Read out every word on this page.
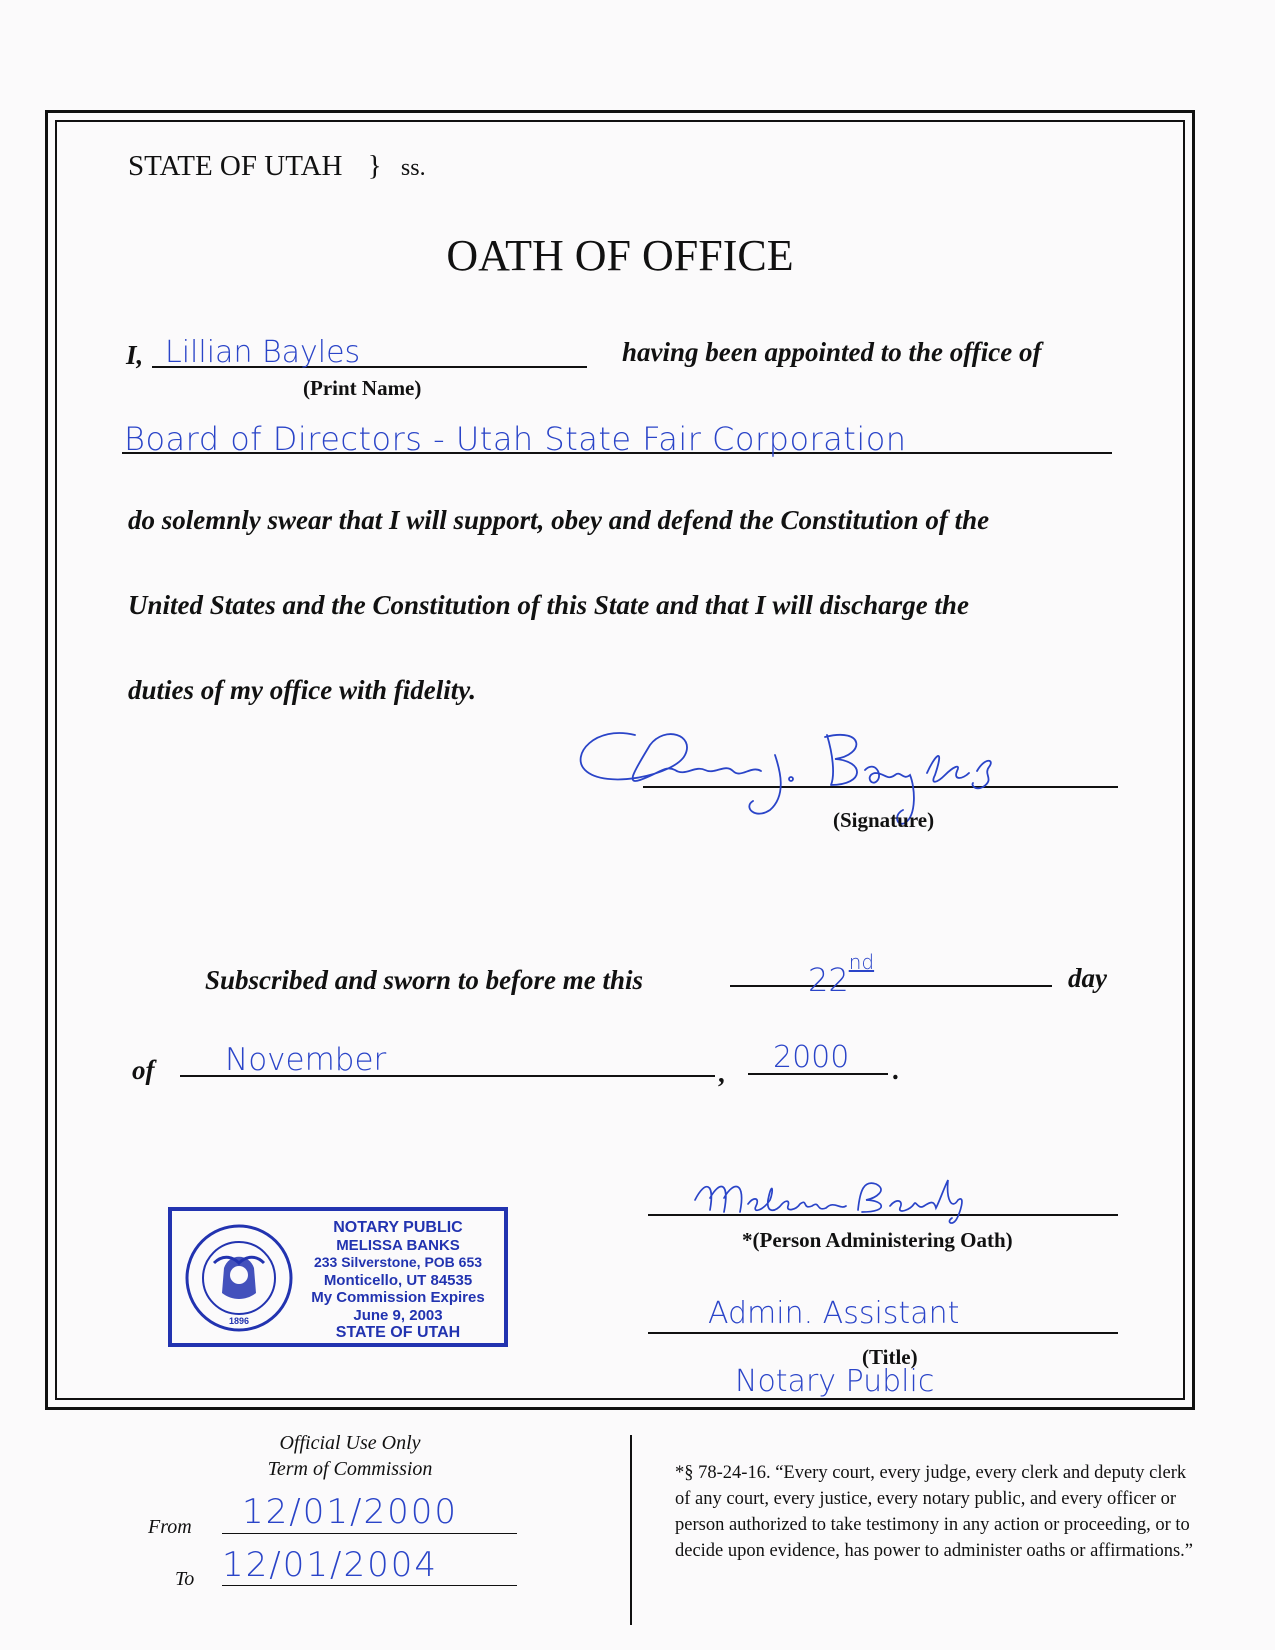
STATE OF UTAH } ss.
OATH OF OFFICE
I, Lillian Bayles
(Print Name)
having been appointed to the office of
Board of Directors - Utah State Fair Corporation
do solemnly swear that I will support, obey and defend the Constitution of the
United States and the Constitution of this State and that I will discharge the
duties of my office with fidelity.
Lillian J. Bayles
(Signature)
Subscribed and sworn to before me this	22nd
day
of November	, 2000 .
Melissa Banks
*(Person Administering Oath)
Admin. Assistant
(Title)
Notary Public
1896
NOTARY PUBLIC
MELISSA BANKS
233 Silverstone, POB 653
Monticello, UT 84535
My Commission Expires
June 9, 2003
STATE OF UTAH
Official Use Only
Term of Commission
From 12/01/2000
To 12/01/2004
*§ 78-24-16. “Every court, every judge, every clerk and deputy clerk of any court, every justice, every notary public, and every officer or person authorized to take testimony in any action or proceeding, or to decide upon evidence, has power to administer oaths or affirmations.”
